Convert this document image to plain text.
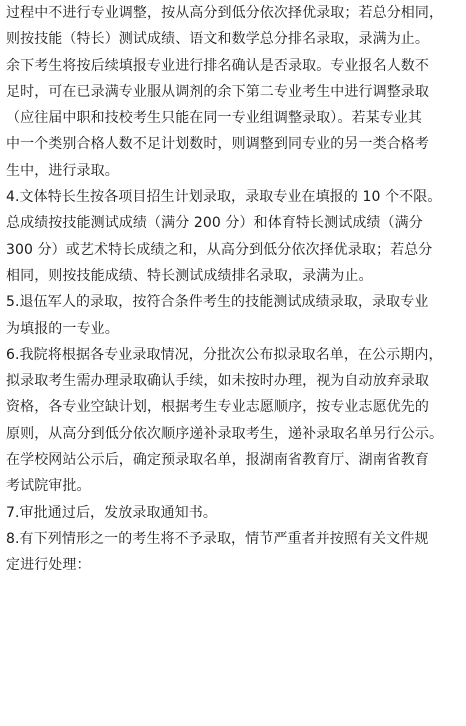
过程中不进行专业调整，按从高分到低分依次择优录取；若总分相同，
则按技能（特长）测试成绩、语文和数学总分排名录取，录满为止。
余下考生将按后续填报专业进行排名确认是否录取。专业报名人数不
足时，可在已录满专业服从调剂的余下第二专业考生中进行调整录取
（应往届中职和技校考生只能在同一专业组调整录取）。若某专业其
中一个类别合格人数不足计划数时，则调整到同专业的另一类合格考
生中，进行录取。
4.文体特长生按各项目招生计划录取，录取专业在填报的 10 个不限。
总成绩按技能测试成绩（满分 200 分）和体育特长测试成绩（满分
300 分）或艺术特长成绩之和，从高分到低分依次择优录取；若总分
相同，则按技能成绩、特长测试成绩排名录取，录满为止。
5.退伍军人的录取，按符合条件考生的技能测试成绩录取，录取专业
为填报的一专业。
6.我院将根据各专业录取情况，分批次公布拟录取名单，在公示期内，
拟录取考生需办理录取确认手续，如未按时办理，视为自动放弃录取
资格，各专业空缺计划，根据考生专业志愿顺序，按专业志愿优先的
原则，从高分到低分依次顺序递补录取考生，递补录取名单另行公示。
在学校网站公示后，确定预录取名单，报湖南省教育厅、湖南省教育
考试院审批。
7.审批通过后，发放录取通知书。
8.有下列情形之一的考生将不予录取，情节严重者并按照有关文件规
定进行处理：
